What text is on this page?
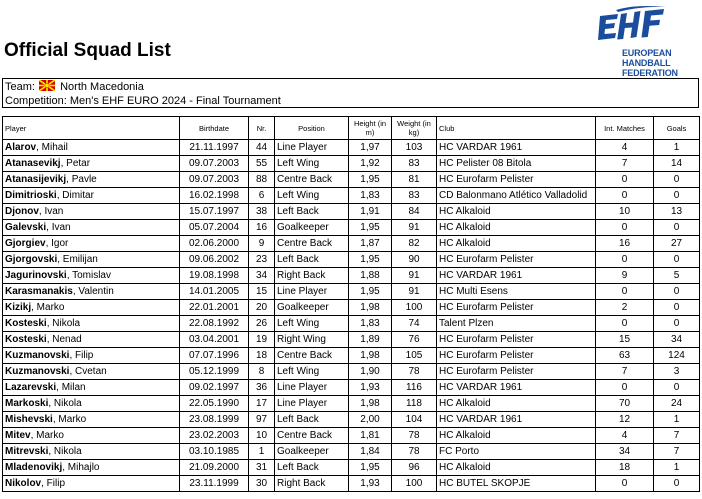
Official Squad List	EUROPEAN HANDBALL FEDERATION
Team: North Macedonia
Competition: Men's EHF EURO 2024 - Final Tournament
Player	Birthdate	Nr.	Position	Height (in m)	Weight (in kg)	Club	Int. Matches	Goals
Alarov, Mihail	21.11.1997	44	Line Player	1,97	103	HC VARDAR 1961	4	1
Atanasevikj, Petar	09.07.2003	55	Left Wing	1,92	83	HC Pelister 08 Bitola	7	14
Atanasijevikj, Pavle	09.07.2003	88	Centre Back	1,95	81	HC Eurofarm Pelister	0	0
Dimitrioski, Dimitar	16.02.1998	6	Left Wing	1,83	83	CD Balonmano Atlético Valladolid	0	0
Djonov, Ivan	15.07.1997	38	Left Back	1,91	84	HC Alkaloid	10	13
Galevski, Ivan	05.07.2004	16	Goalkeeper	1,95	91	HC Alkaloid	0	0
Gjorgiev, Igor	02.06.2000	9	Centre Back	1,87	82	HC Alkaloid	16	27
Gjorgovski, Emilijan	09.06.2002	23	Left Back	1,95	90	HC Eurofarm Pelister	0	0
Jagurinovski, Tomislav	19.08.1998	34	Right Back	1,88	91	HC VARDAR 1961	9	5
Karasmanakis, Valentin	14.01.2005	15	Line Player	1,95	91	HC Multi Esens	0	0
Kizikj, Marko	22.01.2001	20	Goalkeeper	1,98	100	HC Eurofarm Pelister	2	0
Kosteski, Nikola	22.08.1992	26	Left Wing	1,83	74	Talent Plzen	0	0
Kosteski, Nenad	03.04.2001	19	Right Wing	1,89	76	HC Eurofarm Pelister	15	34
Kuzmanovski, Filip	07.07.1996	18	Centre Back	1,98	105	HC Eurofarm Pelister	63	124
Kuzmanovski, Cvetan	05.12.1999	8	Left Wing	1,90	78	HC Eurofarm Pelister	7	3
Lazarevski, Milan	09.02.1997	36	Line Player	1,93	116	HC VARDAR 1961	0	0
Markoski, Nikola	22.05.1990	17	Line Player	1,98	118	HC Alkaloid	70	24
Mishevski, Marko	23.08.1999	97	Left Back	2,00	104	HC VARDAR 1961	12	1
Mitev, Marko	23.02.2003	10	Centre Back	1,81	78	HC Alkaloid	4	7
Mitrevski, Nikola	03.10.1985	1	Goalkeeper	1,84	78	FC Porto	34	7
Mladenovikj, Mihajlo	21.09.2000	31	Left Back	1,95	96	HC Alkaloid	18	1
Nikolov, Filip	23.11.1999	30	Right Back	1,93	100	HC BUTEL SKOPJE	0	0
